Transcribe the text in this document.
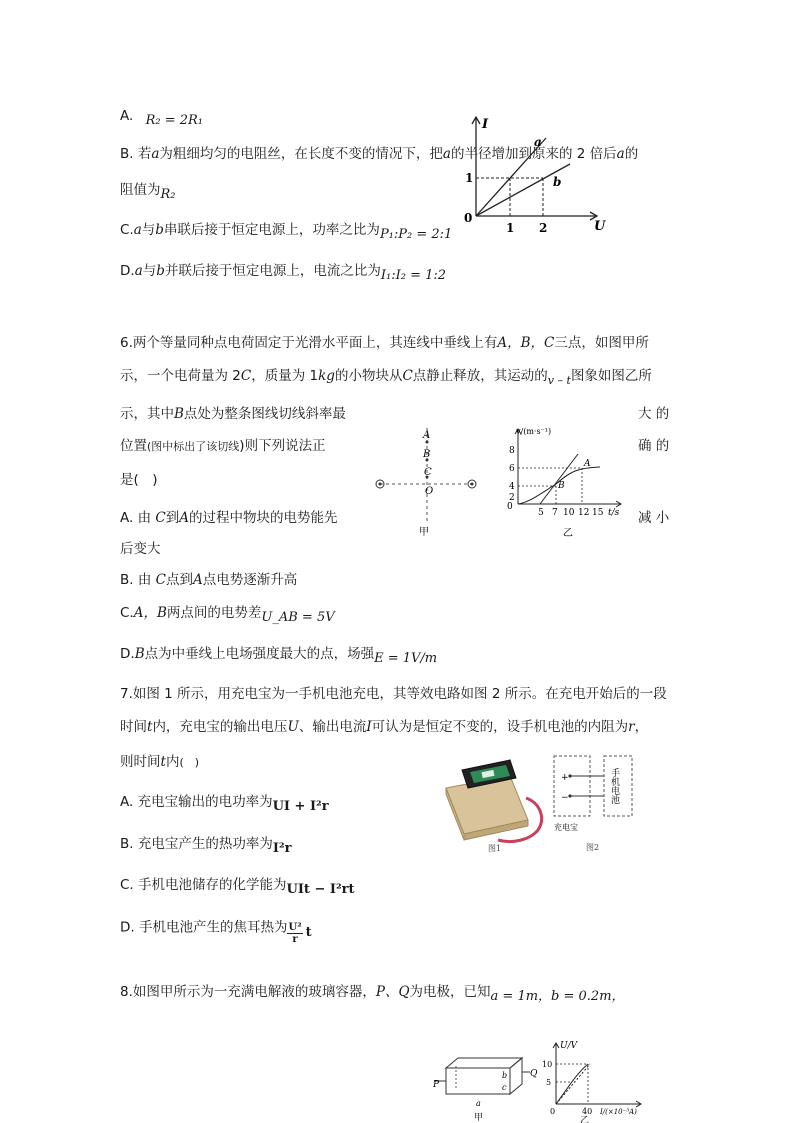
A. R₂ = 2R₁
B. 若a为粗细均匀的电阻丝，在长度不变的情况下，把a的半径增加到原来的 2 倍后a的
阻值为R₂
C.a与b串联后接于恒定电源上，功率之比为P₁:P₂ = 2:1
D.a与b并联后接于恒定电源上，电流之比为I₁:I₂ = 1:2
I
U
0
1
1 2
a
b
6.两个等量同种点电荷固定于光滑水平面上，其连线中垂线上有A，B，C三点，如图甲所
示，一个电荷量为 2C，质量为 1kg的小物块从C点静止释放，其运动的$_{v - t}$图象如图乙所
示，其中B点处为整条图线切线斜率最	大 的
位置(图中标出了该切线)则下列说法正	确 的
是(　)
A. 由 C到A的过程中物块的电势能先	减 小
后变大
B. 由 C点到A点电势逐渐升高
C.A，B两点间的电势差U_AB = 5V
D.B点为中垂线上电场强度最大的点，场强E = 1V/m
A
B
C
O
甲
v/(m·s⁻¹)
8
6
4
2
0
5 7 10 12 15 t/s
A
B
乙
7.如图 1 所示，用充电宝为一手机电池充电，其等效电路如图 2 所示。在充电开始后的一段
时间t内，充电宝的输出电压U、输出电流I可认为是恒定不变的，设手机电池的内阻为r，
则时间t内(　)
A. 充电宝输出的电功率为UI + I²r
B. 充电宝产生的热功率为I²r
C. 手机电池储存的化学能为UIt − I²rt
D. 手机电池产生的焦耳热为 $\frac{\text{U²}}{r}$ t
图1
+
−	手机电池
充电宝
图2
8.如图甲所示为一充满电解液的玻璃容器，P、Q为电极，已知a = 1m，b = 0.2m，
P
Q
a
b
c
甲
U/V
10
5
0	40 I/(×10⁻³A)
乙
